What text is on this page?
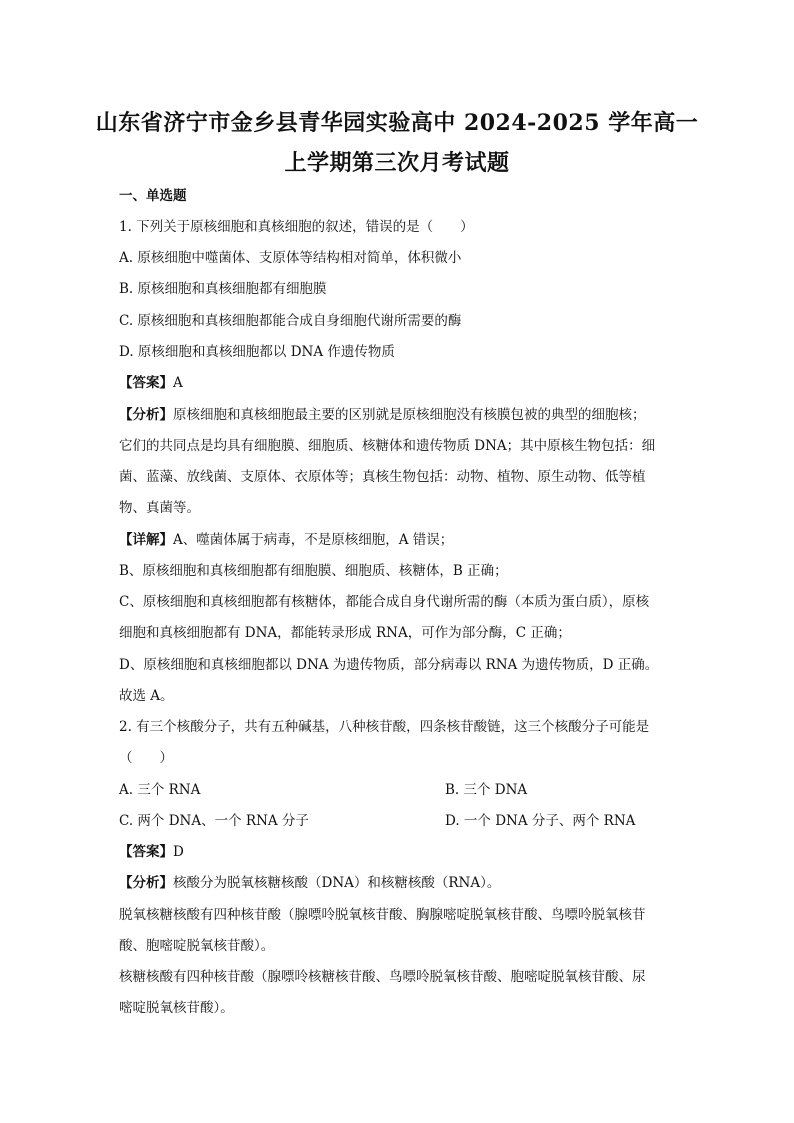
山东省济宁市金乡县青华园实验高中 2024-2025 学年高一
上学期第三次月考试题
一、单选题
1. 下列关于原核细胞和真核细胞的叙述，错误的是（　　）
A. 原核细胞中噬菌体、支原体等结构相对简单，体积微小
B. 原核细胞和真核细胞都有细胞膜
C. 原核细胞和真核细胞都能合成自身细胞代谢所需要的酶
D. 原核细胞和真核细胞都以 DNA 作遗传物质
【答案】A
【分析】原核细胞和真核细胞最主要的区别就是原核细胞没有核膜包被的典型的细胞核；
它们的共同点是均具有细胞膜、细胞质、核糖体和遗传物质 DNA；其中原核生物包括：细
菌、蓝藻、放线菌、支原体、衣原体等；真核生物包括：动物、植物、原生动物、低等植
物、真菌等。
【详解】A、噬菌体属于病毒，不是原核细胞，A 错误；
B、原核细胞和真核细胞都有细胞膜、细胞质、核糖体，B 正确；
C、原核细胞和真核细胞都有核糖体，都能合成自身代谢所需的酶（本质为蛋白质），原核
细胞和真核细胞都有 DNA，都能转录形成 RNA，可作为部分酶，C 正确；
D、原核细胞和真核细胞都以 DNA 为遗传物质，部分病毒以 RNA 为遗传物质，D 正确。
故选 A。
2. 有三个核酸分子，共有五种碱基，八种核苷酸，四条核苷酸链，这三个核酸分子可能是
（　　）
A. 三个 RNA	B. 三个 DNA
C. 两个 DNA、一个 RNA 分子	D. 一个 DNA 分子、两个 RNA
【答案】D
【分析】核酸分为脱氧核糖核酸（DNA）和核糖核酸（RNA）。
脱氧核糖核酸有四种核苷酸（腺嘌呤脱氧核苷酸、胸腺嘧啶脱氧核苷酸、鸟嘌呤脱氧核苷
酸、胞嘧啶脱氧核苷酸）。
核糖核酸有四种核苷酸（腺嘌呤核糖核苷酸、鸟嘌呤脱氧核苷酸、胞嘧啶脱氧核苷酸、尿
嘧啶脱氧核苷酸）。
